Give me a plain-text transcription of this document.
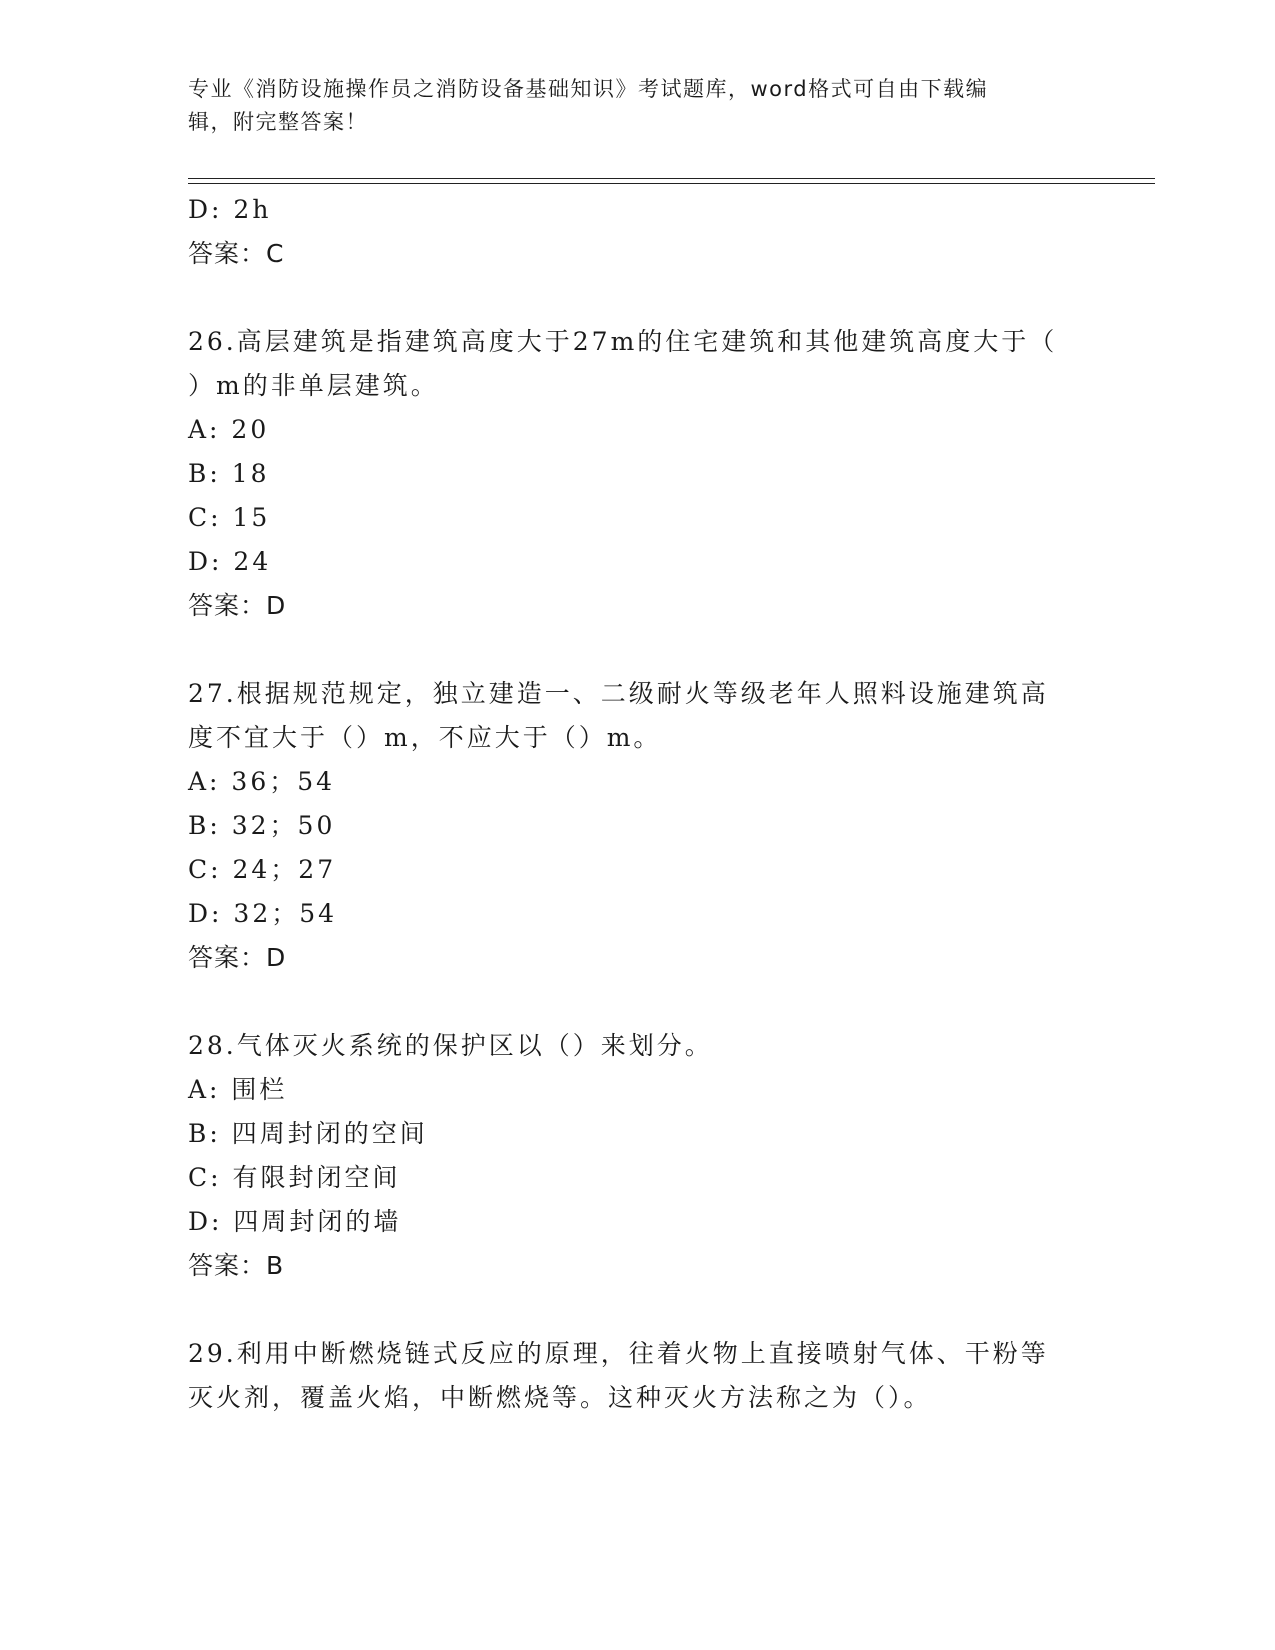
专业《消防设施操作员之消防设备基础知识》考试题库，word格式可自由下载编
辑，附完整答案！
D: 2h
答案：C
26.高层建筑是指建筑高度大于27m的住宅建筑和其他建筑高度大于（
）m的非单层建筑。
A: 20
B: 18
C: 15
D: 24
答案：D
27.根据规范规定，独立建造一、二级耐火等级老年人照料设施建筑高
度不宜大于（）m，不应大于（）m。
A: 36；54
B: 32；50
C: 24；27
D: 32；54
答案：D
28.气体灭火系统的保护区以（）来划分。
A: 围栏
B: 四周封闭的空间
C: 有限封闭空间
D: 四周封闭的墙
答案：B
29.利用中断燃烧链式反应的原理，往着火物上直接喷射气体、干粉等
灭火剂，覆盖火焰，中断燃烧等。这种灭火方法称之为（）。
